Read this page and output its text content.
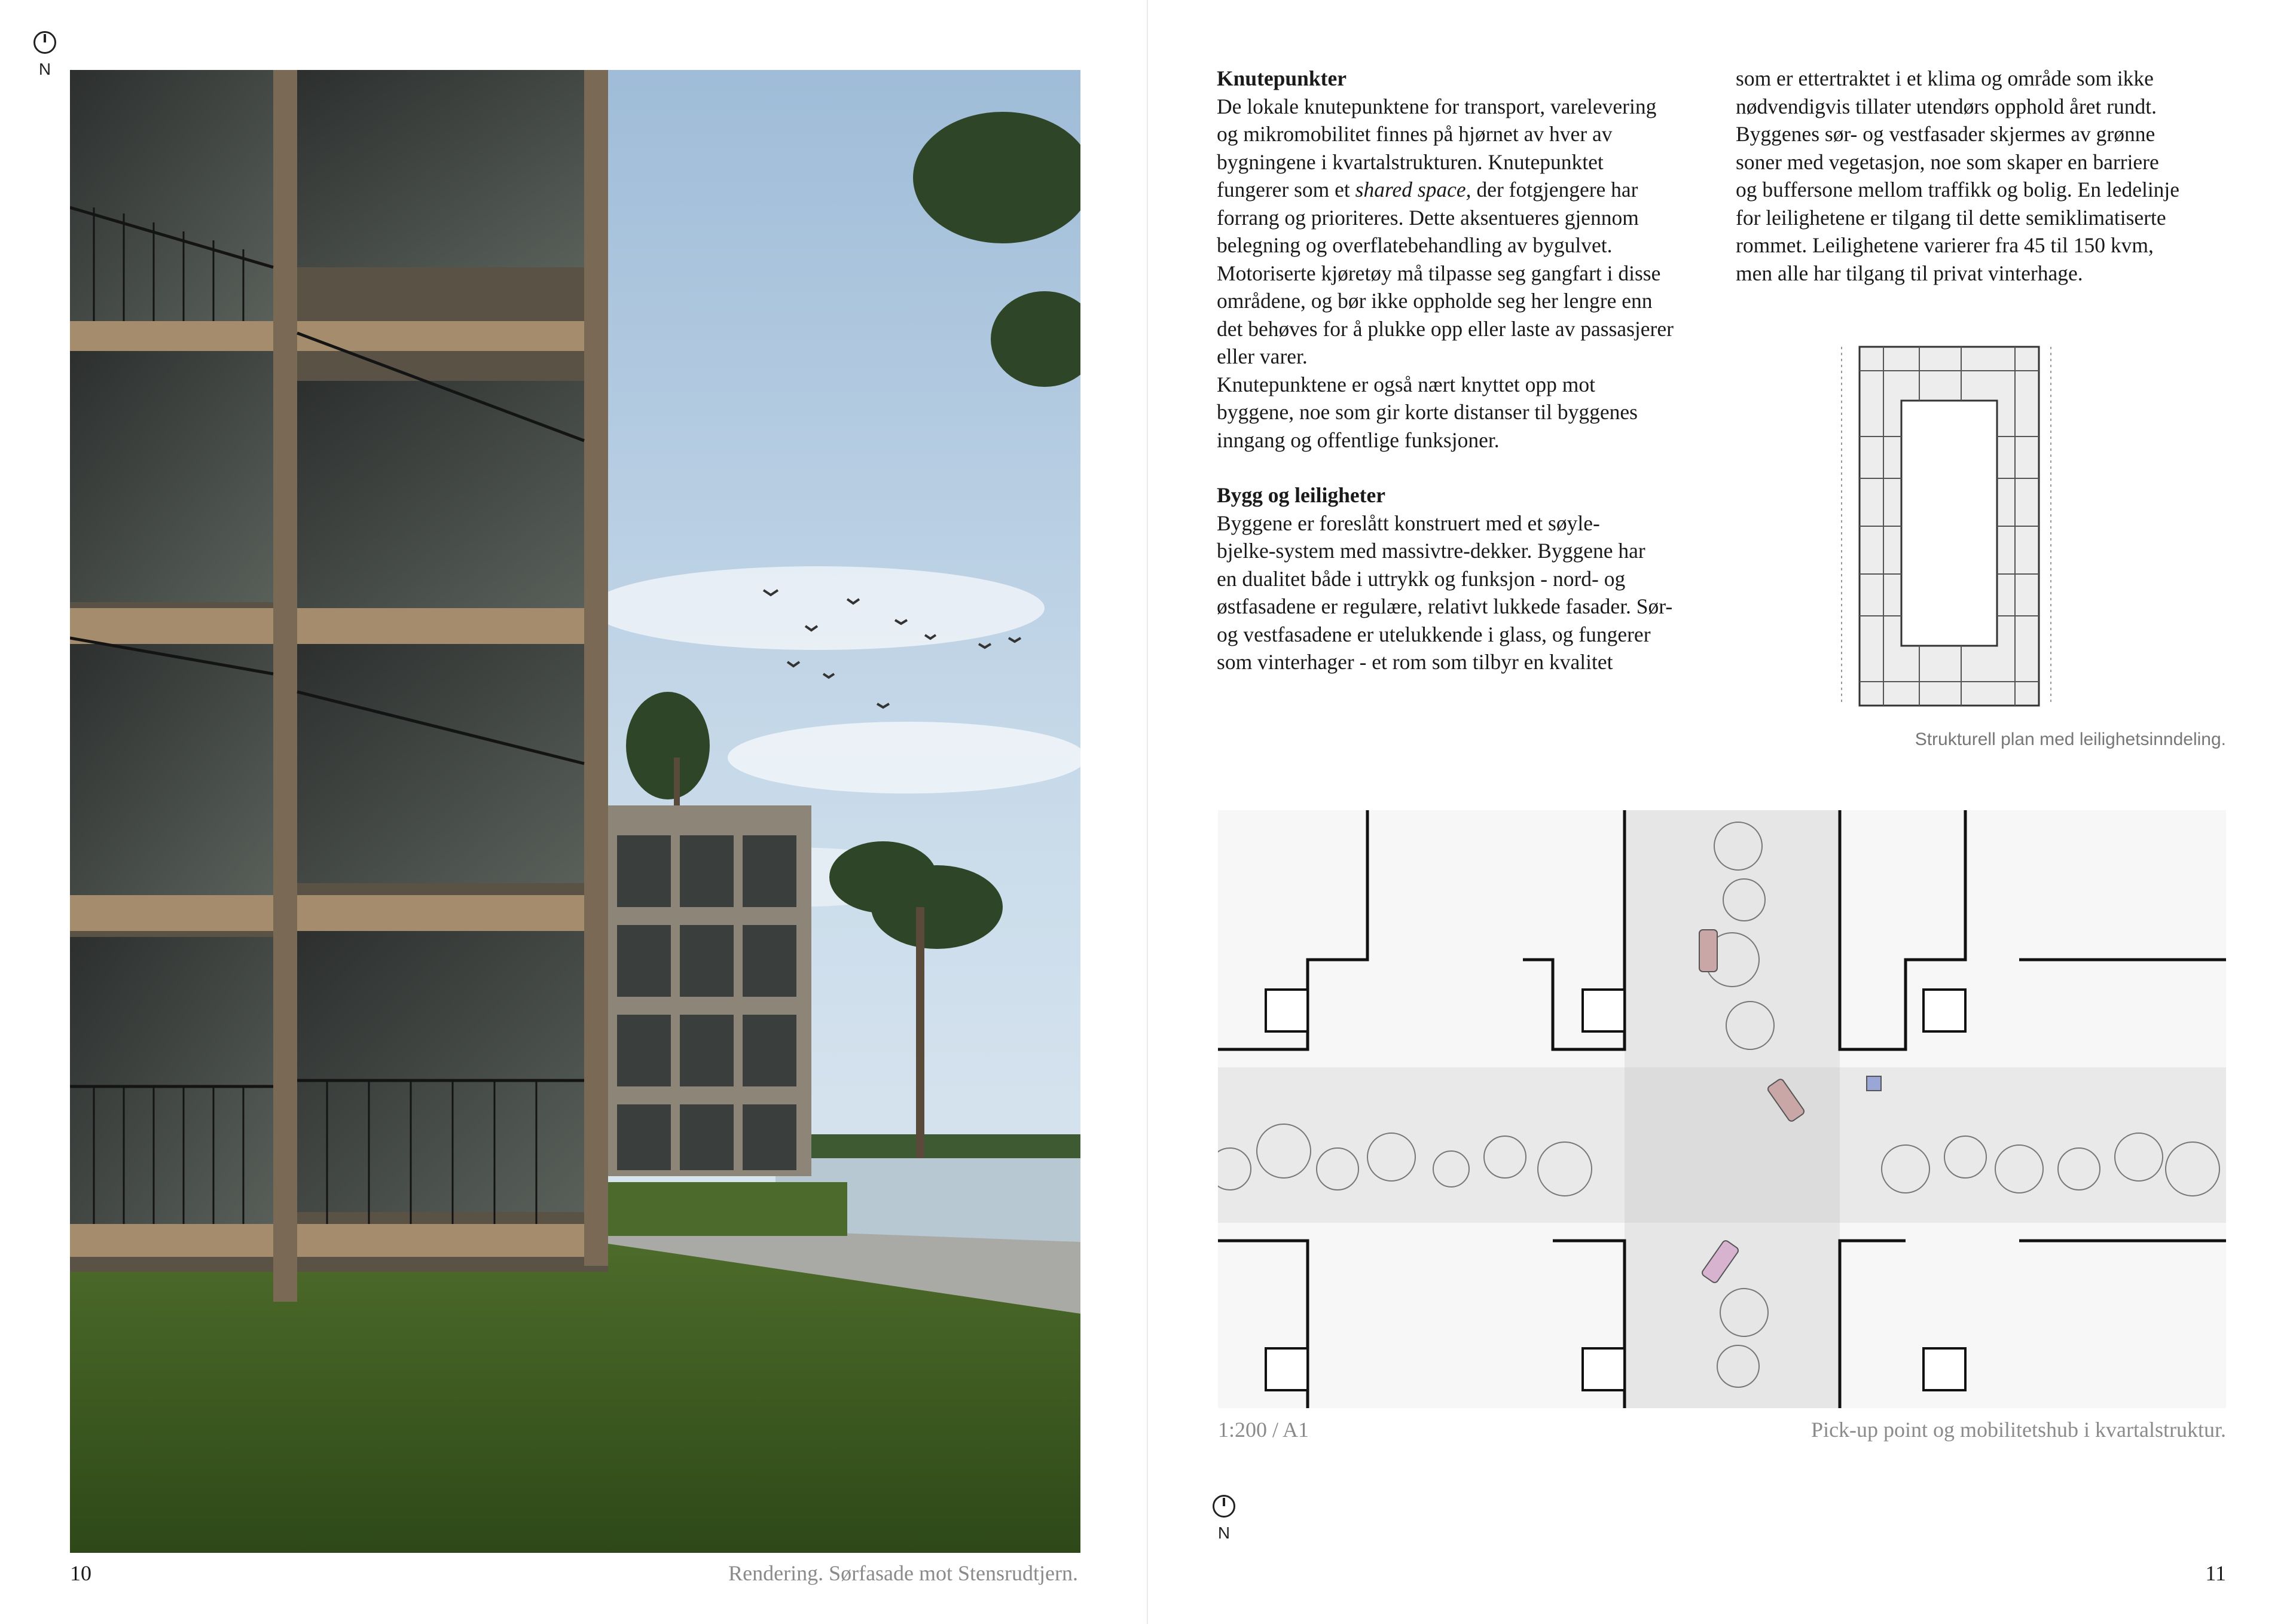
N
10	Rendering. Sørfasade mot Stensrudtjern.
Knutepunkter

De lokale knutepunktene for transport, varelevering

og mikromobilitet finnes på hjørnet av hver av

bygningene i kvartalstrukturen. Knutepunktet

fungerer som et shared space, der fotgjengere har

forrang og prioriteres. Dette aksentueres gjennom

belegning og overflatebehandling av bygulvet.

Motoriserte kjøretøy må tilpasse seg gangfart i disse

områdene, og bør ikke oppholde seg her lengre enn

det behøves for å plukke opp eller laste av passasjerer

eller varer.

Knutepunktene er også nært knyttet opp mot

byggene, noe som gir korte distanser til byggenes

inngang og offentlige funksjoner.

Bygg og leiligheter

Byggene er foreslått konstruert med et søyle-

bjelke-system med massivtre-dekker. Byggene har

en dualitet både i uttrykk og funksjon - nord- og

østfasadene er regulære, relativt lukkede fasader. Sør-

og vestfasadene er utelukkende i glass, og fungerer

som vinterhager - et rom som tilbyr en kvalitet

som er ettertraktet i et klima og område som ikke

nødvendigvis tillater utendørs opphold året rundt.

Byggenes sør- og vestfasader skjermes av grønne

soner med vegetasjon, noe som skaper en barriere

og buffersone mellom traffikk og bolig. En ledelinje

for leilighetene er tilgang til dette semiklimatiserte

rommet. Leilighetene varierer fra 45 til 150 kvm,

men alle har tilgang til privat vinterhage.

Strukturell plan med leilighetsinndeling.
1:200 / A1	Pick-up point og mobilitetshub i kvartalstruktur.
N
11
